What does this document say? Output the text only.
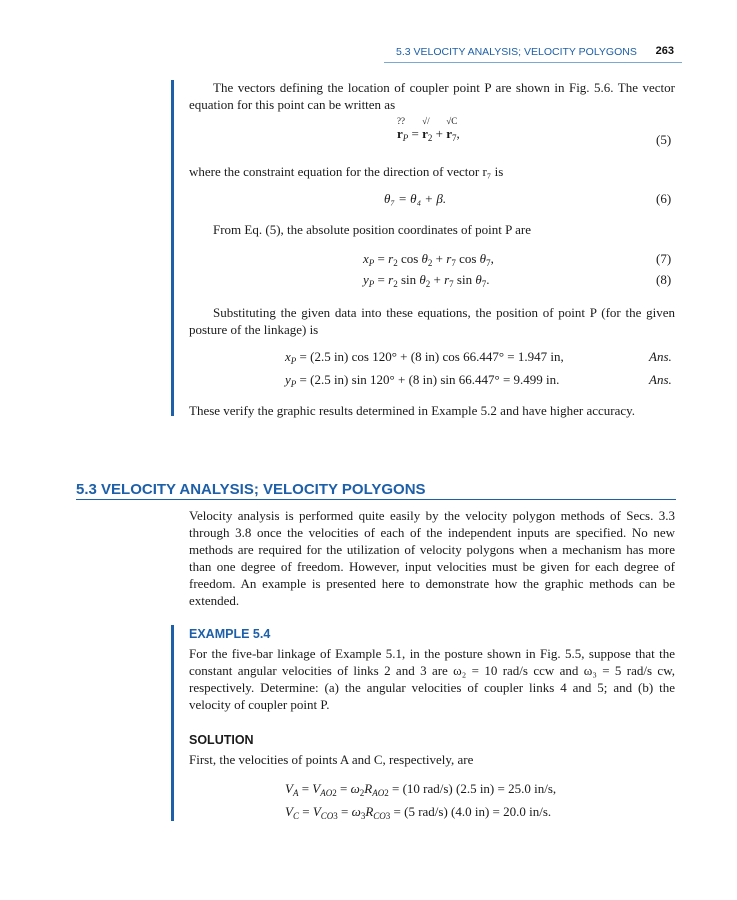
5.3 VELOCITY ANALYSIS; VELOCITY POLYGONS 263
The vectors defining the location of coupler point P are shown in Fig. 5.6. The vector equation for this point can be written as
??
$r_P$ =
√/
$r_2$ +
√C
$r_7$,	(5)
where the constraint equation for the direction of vector r₇ is
θ₇ = θ₄ + β.	(6)
From Eq. (5), the absolute position coordinates of point P are
$x_P = r_2$ $\cos \theta_2 + r_7$ $\cos \theta_7$,	(7)
$y_P = r_2$ $\sin \theta_2 + r_7$ $\sin \theta_7$.	(8)
Substituting the given data into these equations, the position of point P (for the given posture of the linkage) is
$x_P = (2.5$ in) cos 120° + (8 in) cos 66.447° = 1.947 in,	Ans.
$y_P = (2.5$ in) sin 120° + (8 in) sin 66.447° = 9.499 in.	Ans.
These verify the graphic results determined in Example 5.2 and have higher accuracy.
5.3 VELOCITY ANALYSIS; VELOCITY POLYGONS
Velocity analysis is performed quite easily by the velocity polygon methods of Secs. 3.3 through 3.8 once the velocities of each of the independent inputs are specified. No new methods are required for the utilization of velocity polygons when a mechanism has more than one degree of freedom. However, input velocities must be given for each degree of freedom. An example is presented here to demonstrate how the graphic methods can be extended.
EXAMPLE 5.4
For the five-bar linkage of Example 5.1, in the posture shown in Fig. 5.5, suppose that the constant angular velocities of links 2 and 3 are ω₂ = 10 rad/s ccw and ω₃ = 5 rad/s cw, respectively. Determine: (a) the angular velocities of coupler links 4 and 5; and (b) the velocity of coupler point P.
SOLUTION
First, the velocities of points A and C, respectively, are
$V_A = V_{AO2} = \omega_2R_{AO2} = (10$ rad/s) (2.5 in) = 25.0 in/s,
$V_C = V_{CO3} = \omega_3R_{CO3} = (5$ rad/s) (4.0 in) = 20.0 in/s.
